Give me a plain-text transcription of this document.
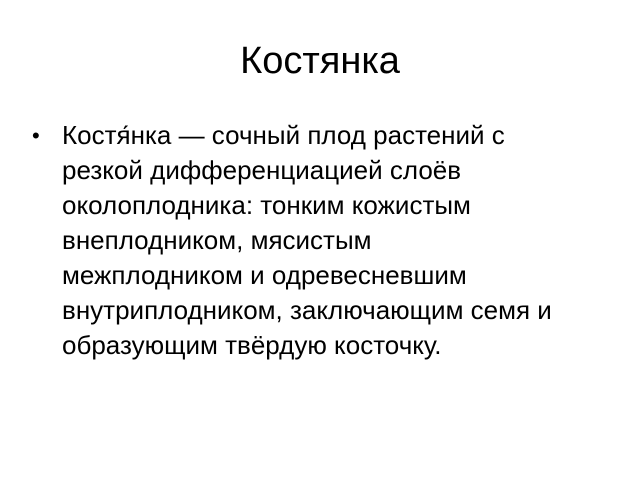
Костянка
• Костя́нка — сочный плод растений с
резкой дифференциацией слоёв
околоплодника: тонким кожистым
внеплодником, мясистым
межплодником и одревесневшим
внутриплодником, заключающим семя и
образующим твёрдую косточку.
